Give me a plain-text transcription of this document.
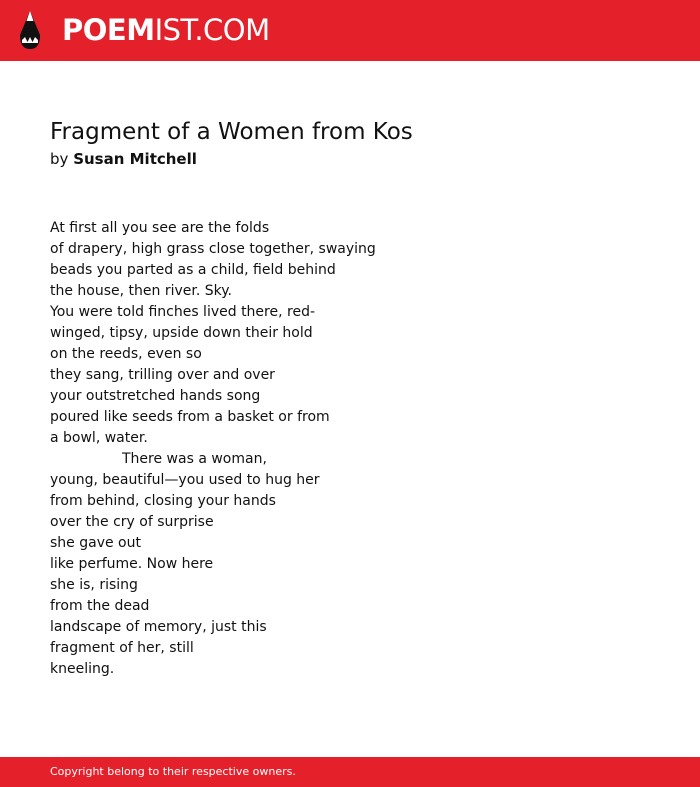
POEMIST.COM
Fragment of a Women from Kos
by Susan Mitchell
At first all you see are the folds
of drapery, high grass close together, swaying
beads you parted as a child, field behind
the house, then river. Sky.
You were told finches lived there, red-
winged, tipsy, upside down their hold
on the reeds, even so
they sang, trilling over and over
your outstretched hands song
poured like seeds from a basket or from
a bowl, water.
There was a woman,
young, beautiful—you used to hug her
from behind, closing your hands
over the cry of surprise
she gave out
like perfume. Now here
she is, rising
from the dead
landscape of memory, just this
fragment of her, still
kneeling.
Copyright belong to their respective owners.
